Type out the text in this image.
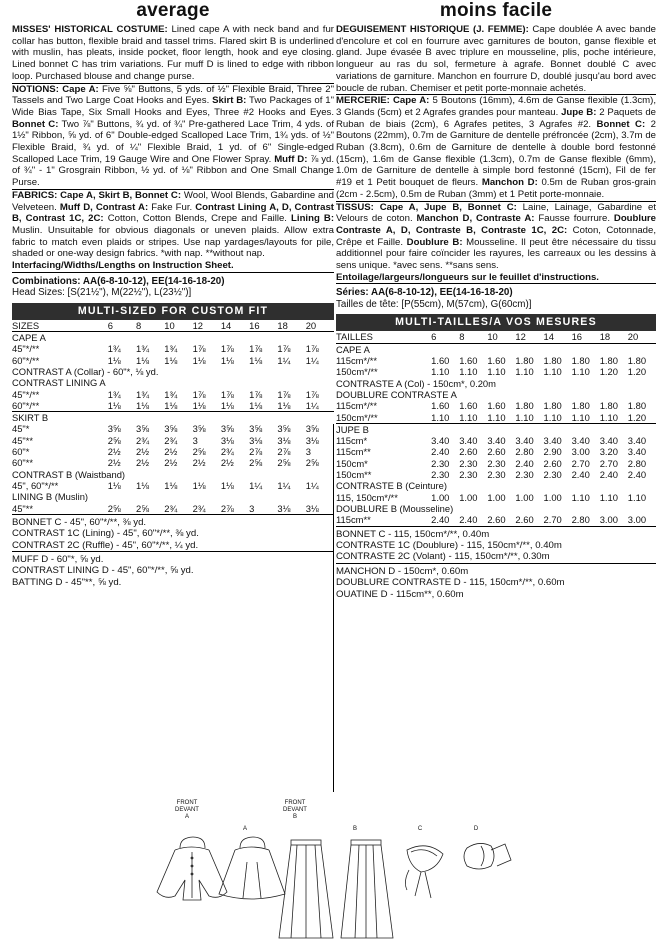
average

MISSES' HISTORICAL COSTUME: Lined cape A with neck band and fur collar has button, flexible braid and tassel trims. Flared skirt B is underlined with muslin, has pleats, inside pocket, floor length, hook and eye closing. Lined bonnet C has trim variations. Fur muff D is lined to edge with ribbon loop. Purchased blouse and change purse.

NOTIONS: Cape A: Five ⅝" Buttons, 5 yds. of ½" Flexible Braid, Three 2" Tassels and Two Large Coat Hooks and Eyes. Skirt B: Two Packages of 1" Wide Bias Tape, Six Small Hooks and Eyes, Three #2 Hooks and Eyes. Bonnet C: Two ⅞" Buttons, ¾ yd. of ¾" Pre-gathered Lace Trim, 4 yds. of 1½" Ribbon, ⅝ yd. of 6" Double-edged Scalloped Lace Trim, 1¾ yds. of ½" Flexible Braid, ¾ yd. of ¼" Flexible Braid, 1 yd. of 6" Single-edged Scalloped Lace Trim, 19 Gauge Wire and One Flower Spray. Muff D: ⅞ yd. of ¾" - 1" Grosgrain Ribbon, ½ yd. of ⅛" Ribbon and One Small Change Purse.

FABRICS: Cape A, Skirt B, Bonnet C: Wool, Wool Blends, Gabardine and Velveteen. Muff D, Contrast A: Fake Fur. Contrast Lining A, D, Contrast B, Contrast 1C, 2C: Cotton, Cotton Blends, Crepe and Faille. Lining B: Muslin. Unsuitable for obvious diagonals or uneven plaids. Allow extra fabric to match even plaids or stripes. Use nap yardages/layouts for pile, shaded or one-way design fabrics. *with nap. **without nap.

Interfacing/Widths/Lengths on Instruction Sheet.

Combinations: AA(6-8-10-12), EE(14-16-18-20)

Head Sizes: [S(21½"), M(22½"), L(23½")]

MULTI-SIZED FOR CUSTOM FIT
SIZES	6	8	10	12	14	16	18	20
CAPE A								
45"*/**	1¾	1¾	1¾	1⅞	1⅞	1⅞	1⅞	1⅞
60"*/**	1⅛	1⅛	1⅛	1⅛	1⅛	1⅛	1¼	1¼
CONTRAST A (Collar) - 60"*, ⅛ yd.								
CONTRAST LINING A								
45"*/**	1¾	1¾	1¾	1⅞	1⅞	1⅞	1⅞	1⅞
60"*/**	1⅛	1⅛	1⅛	1⅛	1⅛	1⅛	1⅛	1¼
SKIRT B								
45"*	3⅝	3⅝	3⅝	3⅝	3⅝	3⅝	3⅝	3⅝
45"**	2⅝	2¾	2¾	3	3⅛	3⅛	3⅛	3⅛
60"*	2½	2½	2½	2⅝	2¾	2⅞	2⅞	3
60"**	2½	2½	2½	2½	2½	2⅝	2⅝	2⅝
CONTRAST B (Waistband)								
45", 60"*/**	1⅛	1⅛	1⅛	1⅛	1⅛	1¼	1¼	1¼
LINING B (Muslin)								
45"**	2⅝	2⅝	2¾	2¾	2⅞	3	3⅛	3⅛
BONNET C - 45", 60"*/**, ⅜ yd.
CONTRAST 1C (Lining) - 45", 60"*/**, ⅜ yd.
CONTRAST 2C (Ruffle) - 45", 60"*/**, ¼ yd.
MUFF D - 60"*, ⅝ yd.
CONTRAST LINING D - 45", 60"*/**, ⅝ yd.
BATTING D - 45"**, ⅝ yd.
moins facile

DEGUISEMENT HISTORIQUE (J. FEMME): Cape doublée A avec bande d'encolure et col en fourrure avec garnitures de bouton, ganse flexible et gland. Jupe évasée B avec triplure en mousseline, plis, poche intérieure, longueur au ras du sol, fermeture à agrafe. Bonnet doublé C avec variations de garniture. Manchon en fourrure D, doublé jusqu'au bord avec boucle de ruban. Chemiser et petit porte-monnaie achetés.

MERCERIE: Cape A: 5 Boutons (16mm), 4.6m de Ganse flexible (1.3cm), 3 Glands (5cm) et 2 Agrafes grandes pour manteau. Jupe B: 2 Paquets de Ruban de biais (2cm), 6 Agrafes petites, 3 Agrafes #2. Bonnet C: 2 Boutons (22mm), 0.7m de Garniture de dentelle préfroncée (2cm), 3.7m de Ruban (3.8cm), 0.6m de Garniture de dentelle à double bord festonné (15cm), 1.6m de Ganse flexible (1.3cm), 0.7m de Ganse flexible (6mm), 1.0m de Garniture de dentelle à simple bord festonné (15cm), Fil de fer #19 et 1 Petit bouquet de fleurs. Manchon D: 0.5m de Ruban gros-grain (2cm - 2.5cm), 0.5m de Ruban (3mm) et 1 Petit porte-monnaie.

TISSUS: Cape A, Jupe B, Bonnet C: Laine, Lainage, Gabardine et Velours de coton. Manchon D, Contraste A: Fausse fourrure. Doublure Contraste A, D, Contraste B, Contraste 1C, 2C: Coton, Cotonnade, Crêpe et Faille. Doublure B: Mousseline. Il peut être nécessaire du tissu additionnel pour faire coïncider les rayures, les carreaux ou les dessins à sens unique. *avec sens. **sans sens.

Entoilage/largeurs/longueurs sur le feuillet d'instructions.

Séries: AA(6-8-10-12), EE(14-16-18-20)

Tailles de tête: [P(55cm), M(57cm), G(60cm)]

MULTI-TAILLES/A VOS MESURES
TAILLES	6	8	10	12	14	16	18	20
CAPE A								
115cm*/**	1.60	1.60	1.60	1.80	1.80	1.80	1.80	1.80
150cm*/**	1.10	1.10	1.10	1.10	1.10	1.10	1.20	1.20
CONTRASTE A (Col) - 150cm*, 0.20m								
DOUBLURE CONTRASTE A								
115cm*/**	1.60	1.60	1.60	1.80	1.80	1.80	1.80	1.80
150cm*/**	1.10	1.10	1.10	1.10	1.10	1.10	1.10	1.20
JUPE B								
115cm*	3.40	3.40	3.40	3.40	3.40	3.40	3.40	3.40
115cm**	2.40	2.60	2.60	2.80	2.90	3.00	3.20	3.40
150cm*	2.30	2.30	2.30	2.40	2.60	2.70	2.70	2.80
150cm**	2.30	2.30	2.30	2.30	2.30	2.40	2.40	2.40
CONTRASTE B (Ceinture)								
115, 150cm*/**	1.00	1.00	1.00	1.00	1.00	1.10	1.10	1.10
DOUBLURE B (Mousseline)								
115cm**	2.40	2.40	2.60	2.60	2.70	2.80	3.00	3.00
BONNET C - 115, 150cm*/**, 0.40m
CONTRASTE 1C (Doublure) - 115, 150cm*/**, 0.40m
CONTRASTE 2C (Volant) - 115, 150cm*/**, 0.30m
MANCHON D - 150cm*, 0.60m
DOUBLURE CONTRASTE D - 115, 150cm*/**, 0.60m
OUATINE D - 115cm**, 0.60m
FRONT
DEVANT
A
A
FRONT
DEVANT
B
B	C	D
